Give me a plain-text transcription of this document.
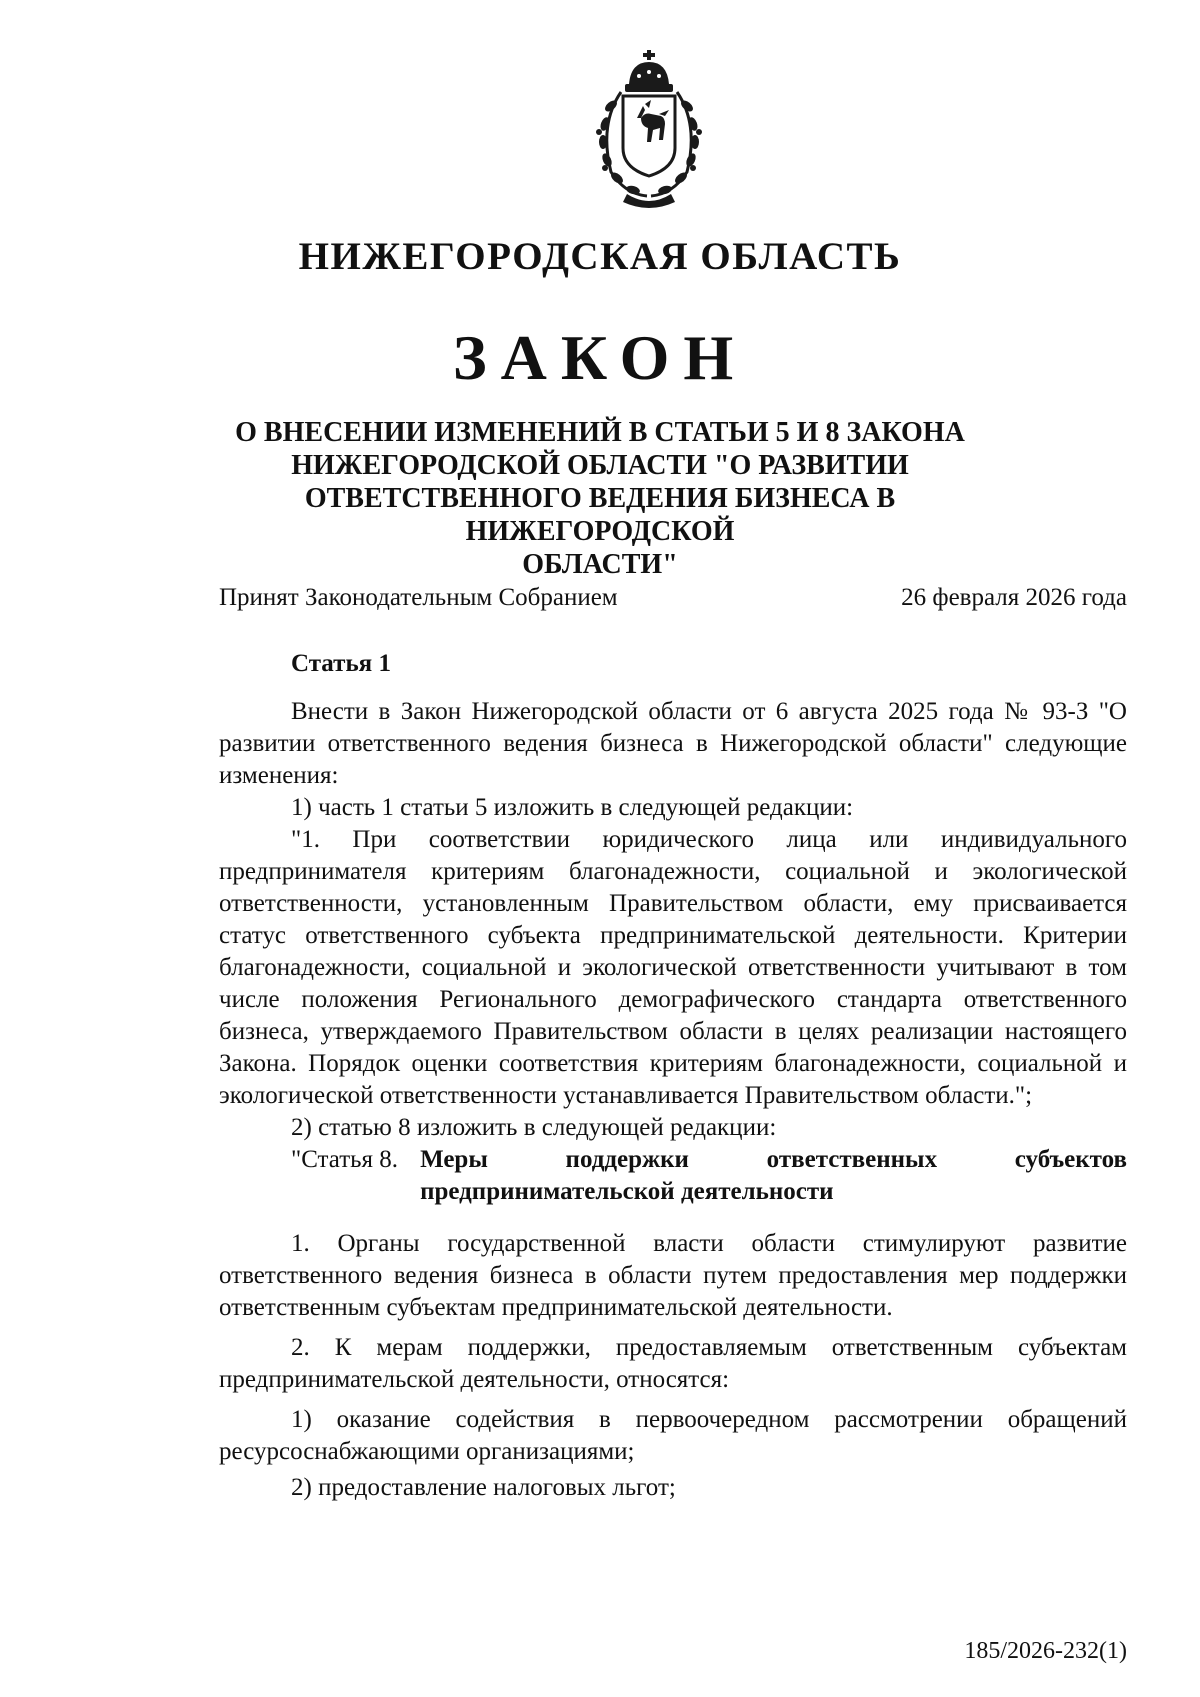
НИЖЕГОРОДСКАЯ ОБЛАСТЬ
ЗАКОН
О ВНЕСЕНИИ ИЗМЕНЕНИЙ В СТАТЬИ 5 И 8 ЗАКОНА
НИЖЕГОРОДСКОЙ ОБЛАСТИ "О РАЗВИТИИ
ОТВЕТСТВЕННОГО ВЕДЕНИЯ БИЗНЕСА В НИЖЕГОРОДСКОЙ
ОБЛАСТИ"
Принят Законодательным Собранием	26 февраля 2026 года

Статья 1

Внести в Закон Нижегородской области от 6 августа 2025 года № 93-З "О развитии ответственного ведения бизнеса в Нижегородской области" следующие изменения:

1) часть 1 статьи 5 изложить в следующей редакции:

"1. При соответствии юридического лица или индивидуального предпринимателя критериям благонадежности, социальной и экологической ответственности, установленным Правительством области, ему присваивается статус ответственного субъекта предпринимательской деятельности. Критерии благонадежности, социальной и экологической ответственности учитывают в том числе положения Регионального демографического стандарта ответственного бизнеса, утверждаемого Правительством области в целях реализации настоящего Закона. Порядок оценки соответствия критериям благонадежности, социальной и экологической ответственности устанавливается Правительством области.";

2) статью 8 изложить в следующей редакции:

"Статья 8. Меры поддержки ответственных субъектов
предпринимательской деятельности

1. Органы государственной власти области стимулируют развитие ответственного ведения бизнеса в области путем предоставления мер поддержки ответственным субъектам предпринимательской деятельности.

2. К мерам поддержки, предоставляемым ответственным субъектам предпринимательской деятельности, относятся:

1) оказание содействия в первоочередном рассмотрении обращений ресурсоснабжающими организациями;

2) предоставление налоговых льгот;

185/2026-232(1)
